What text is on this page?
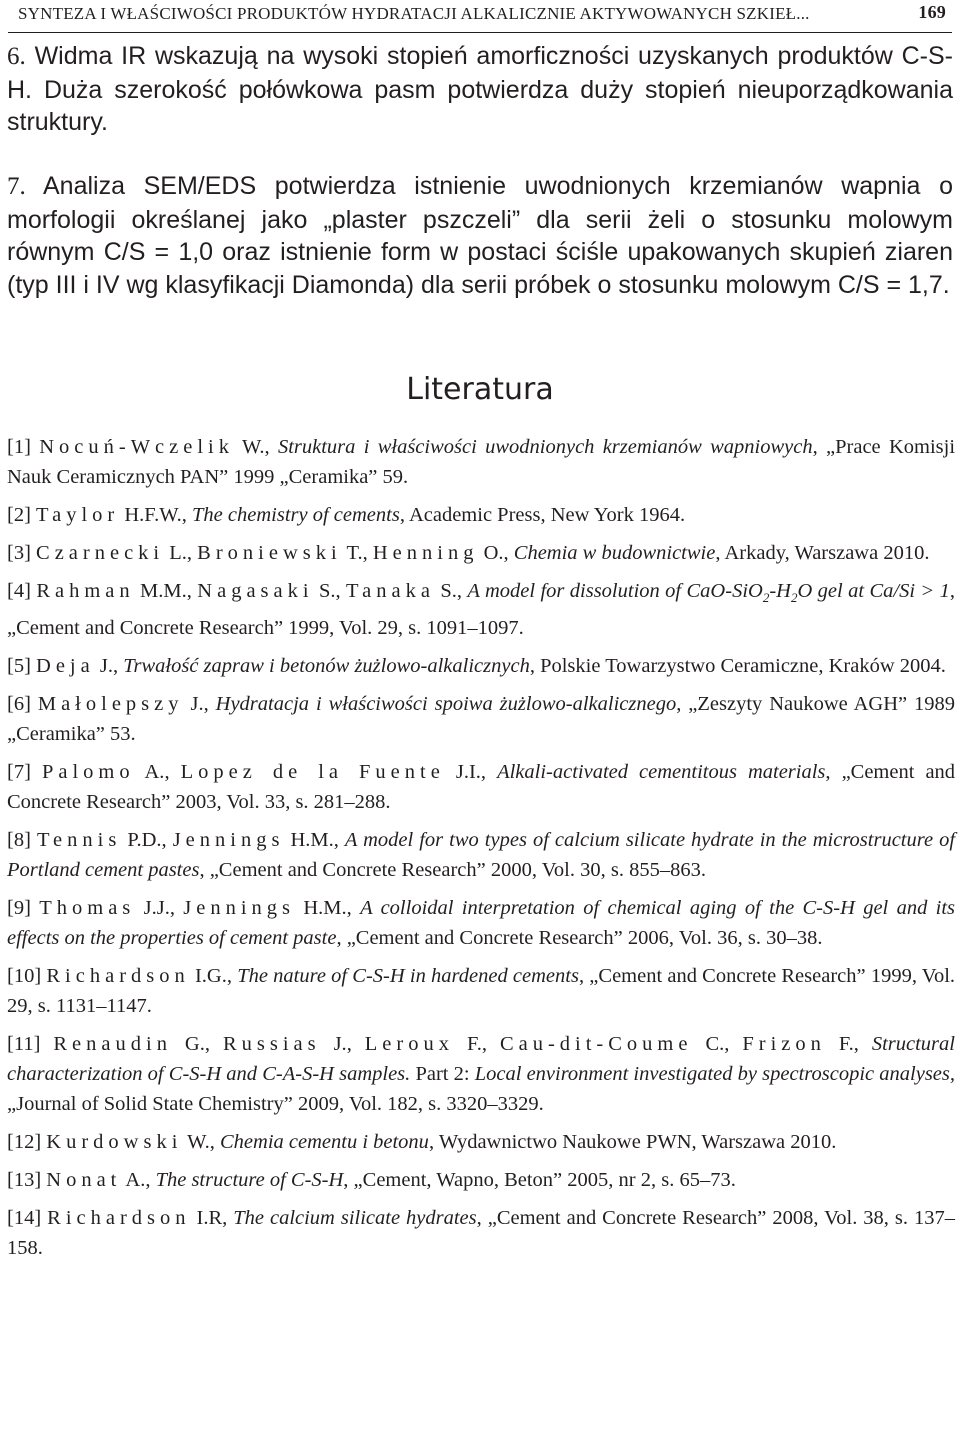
SYNTEZA I WŁAŚCIWOŚCI PRODUKTÓW HYDRATACJI ALKALICZNIE AKTYWOWANYCH SZKIEŁ...	169
6. Widma IR wskazują na wysoki stopień amorficzności uzyskanych produktów C-S-H. Duża szerokość połówkowa pasm potwierdza duży stopień nieuporządkowania struktury.
7. Analiza SEM/EDS potwierdza istnienie uwodnionych krzemianów wapnia o morfologii określanej jako „plaster pszczeli” dla serii żeli o stosunku molowym równym C/S = 1,0 oraz istnienie form w postaci ściśle upakowanych skupień ziaren (typ III i IV wg klasyfikacji Diamonda) dla serii próbek o stosunku molowym C/S = 1,7.
Literatura
[1] Nocuń-Wczelik W., Struktura i właściwości uwodnionych krzemianów wapniowych, „Prace Komisji Nauk Ceramicznych PAN” 1999 „Ceramika” 59.
[2] Taylor H.F.W., The chemistry of cements, Academic Press, New York 1964.
[3] Czarnecki L., Broniewski T., Henning O., Chemia w budownictwie, Arkady, Warszawa 2010.
[4] Rahman M.M., Nagasaki S., Tanaka S., A model for dissolution of CaO-$SiO_2-H_2O$ gel at Ca/Si > 1, „Cement and Concrete Research” 1999, Vol. 29, s. 1091–1097.
[5] Deja J., Trwałość zapraw i betonów żużlowo-alkalicznych, Polskie Towarzystwo Ceramiczne, Kraków 2004.
[6] Małolepszy J., Hydratacja i właściwości spoiwa żużlowo-alkalicznego, „Zeszyty Naukowe AGH” 1989 „Ceramika” 53.
[7] Palomo A., Lopez de la Fuente J.I., Alkali-activated cementitous materials, „Cement and Concrete Research” 2003, Vol. 33, s. 281–288.
[8] Tennis P.D., Jennings H.M., A model for two types of calcium silicate hydrate in the microstructure of Portland cement pastes, „Cement and Concrete Research” 2000, Vol. 30, s. 855–863.
[9] Thomas J.J., Jennings H.M., A colloidal interpretation of chemical aging of the C-S-H gel and its effects on the properties of cement paste, „Cement and Concrete Research” 2006, Vol. 36, s. 30–38.
[10] Richardson I.G., The nature of C-S-H in hardened cements, „Cement and Concrete Research” 1999, Vol. 29, s. 1131–1147.
[11] Renaudin G., Russias J., Leroux F., Cau-dit-Coume C., Frizon F., Structural characterization of C-S-H and C-A-S-H samples. Part 2: Local environment investigated by spectroscopic analyses, „Journal of Solid State Chemistry” 2009, Vol. 182, s. 3320–3329.
[12] Kurdowski W., Chemia cementu i betonu, Wydawnictwo Naukowe PWN, Warszawa 2010.
[13] Nonat A., The structure of C-S-H, „Cement, Wapno, Beton” 2005, nr 2, s. 65–73.
[14] Richardson I.R, The calcium silicate hydrates, „Cement and Concrete Research” 2008, Vol. 38, s. 137–158.
